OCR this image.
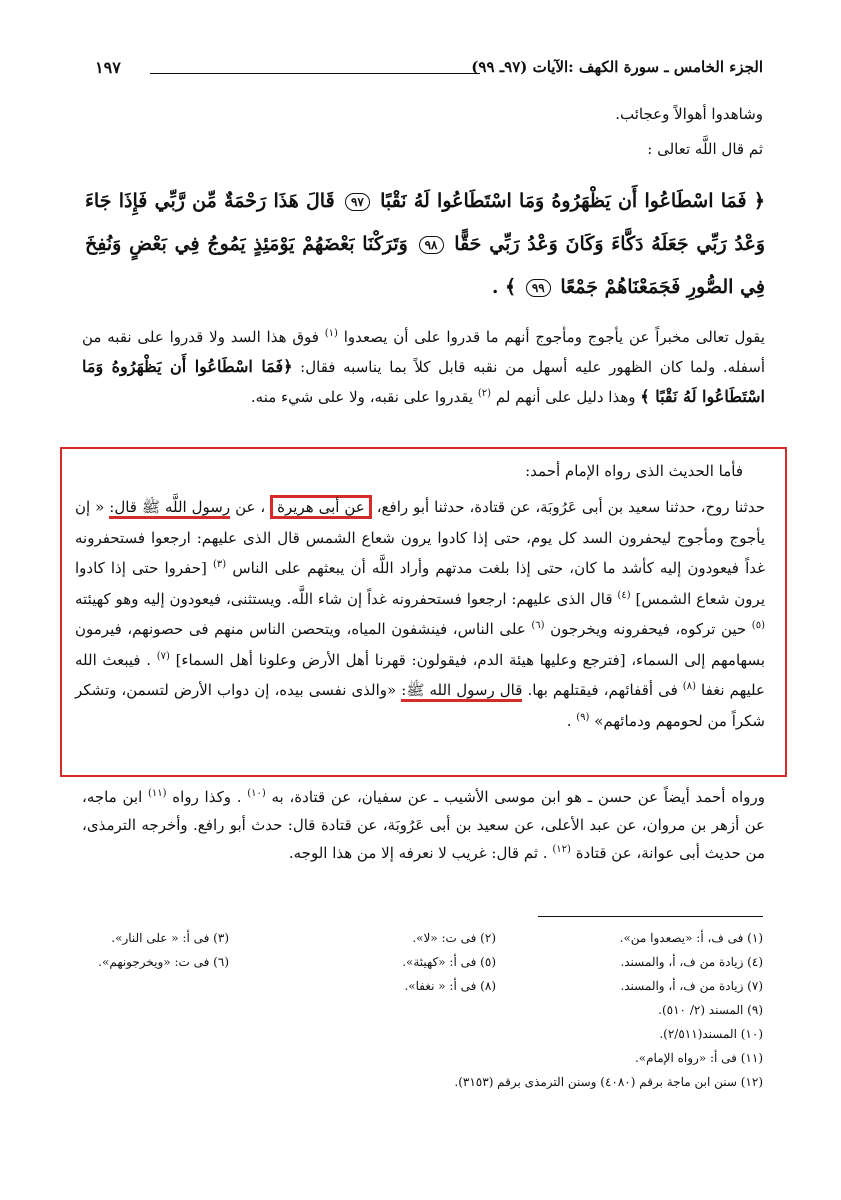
الجزء الخامس ـ سورة الكهف :الآيات (٩٧ـ ٩٩)
١٩٧
وشاهدوا أهوالاً وعجائب.
ثم قال اللَّه تعالى :
﴿ فَمَا اسْطَاعُوا أَن يَظْهَرُوهُ وَمَا اسْتَطَاعُوا لَهُ نَقْبًا ٩٧ قَالَ هَذَا رَحْمَةٌ مِّن رَّبِّي فَإِذَا جَاءَ وَعْدُ رَبِّي جَعَلَهُ دَكَّاءَ وَكَانَ وَعْدُ رَبِّي حَقًّا ٩٨ وَتَرَكْنَا بَعْضَهُمْ يَوْمَئِذٍ يَمُوجُ فِي بَعْضٍ وَنُفِخَ فِي الصُّورِ فَجَمَعْنَاهُمْ جَمْعًا ٩٩ ﴾ .
يقول تعالى مخبراً عن يأجوج ومأجوج أنهم ما قدروا على أن يصعدوا $^{(١)}$ فوق هذا السد ولا قدروا على نقبه من أسفله. ولما كان الظهور عليه أسهل من نقبه قابل كلاً بما يناسبه فقال: ﴿فَمَا اسْطَاعُوا أَن يَظْهَرُوهُ وَمَا اسْتَطَاعُوا لَهُ نَقْبًا ﴾ وهذا دليل على أنهم لم $^{(٢)}$ يقدروا على نقبه، ولا على شيء منه.
فأما الحديث الذى رواه الإمام أحمد:
حدثنا روح، حدثنا سعيد بن أبى عَرُوبَة، عن قتادة، حدثنا أبو رافع، عن أبى هريرة ، عن رسول اللَّه ﷺ قال: « إن يأجوج ومأجوج ليحفرون السد كل يوم، حتى إذا كادوا يرون شعاع الشمس قال الذى عليهم: ارجعوا فستحفرونه غداً فيعودون إليه كأشد ما كان، حتى إذا بلغت مدتهم وأراد اللَّه أن يبعثهم على الناس $^{(٣)}$ [حفروا حتى إذا كادوا يرون شعاع الشمس] $^{(٤)}$ قال الذى عليهم: ارجعوا فستحفرونه غداً إن شاء اللَّه. ويستثنى، فيعودون إليه وهو كهيئته $^{(٥)}$ حين تركوه، فيحفرونه ويخرجون $^{(٦)}$ على الناس، فينشفون المياه، ويتحصن الناس منهم فى حصونهم، فيرمون بسهامهم إلى السماء، [فترجع وعليها هيئة الدم، فيقولون: قهرنا أهل الأرض وعلونا أهل السماء] $^{(٧)}$ . فيبعث الله عليهم نغفا $^{(٨)}$ فى أقفائهم، فيقتلهم بها. قال رسول الله ﷺ: «والذى نفسى بيده، إن دواب الأرض لتسمن، وتشكر شكراً من لحومهم ودمائهم» $^{(٩)}$ .
ورواه أحمد أيضاً عن حسن ـ هو ابن موسى الأشيب ـ عن سفيان، عن قتادة، به $^{(١٠)}$ . وكذا رواه $^{(١١)}$ ابن ماجه، عن أزهر بن مروان، عن عبد الأعلى، عن سعيد بن أبى عَرُوبَة، عن قتادة قال: حدث أبو رافع. وأخرجه الترمذى، من حديث أبى عوانة، عن قتادة $^{(١٢)}$ . ثم قال: غريب لا نعرفه إلا من هذا الوجه.
(١) فى ف، أ: «يصعدوا من».
(٢) فى ت: «لا».
(٣) فى أ: « على النار».
(٤) زيادة من ف، أ، والمسند.
(٥) فى أ: «كهيئة».
(٦) فى ت: «ويخرجونهم».
(٧) زيادة من ف، أ، والمسند.
(٨) فى أ: « نغفا».
(٩) المسند (٢/ ٥١٠).
(١٠) المسند(٢/٥١١).
(١١) فى أ: «رواه الإمام».
(١٢) سنن ابن ماجة برقم (٤٠٨٠) وسنن الترمذى برقم (٣١٥٣).
